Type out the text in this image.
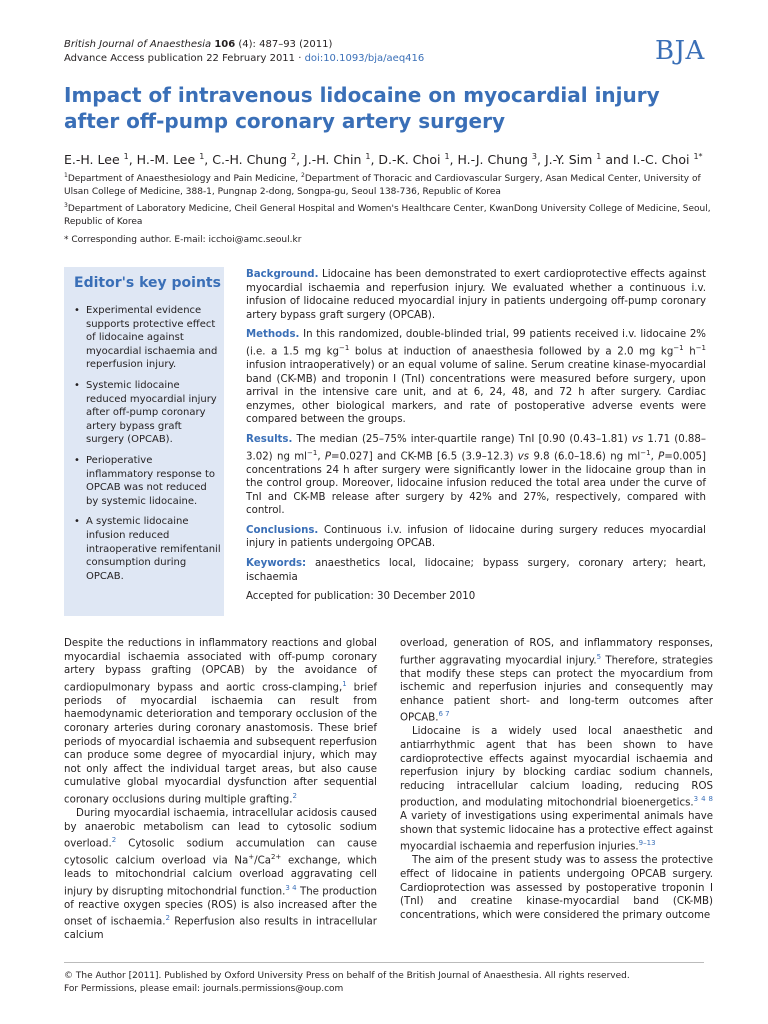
British Journal of Anaesthesia 106 (4): 487–93 (2011)
Advance Access publication 22 February 2011 · doi:10.1093/bja/aeq416	BJA
Impact of intravenous lidocaine on myocardial injury after off-pump coronary artery surgery
E.-H. Lee $^1$, H.-M. Lee $^1$, C.-H. Chung $^2$, J.-H. Chin $^1$, D.-K. Choi $^1$, H.-J. Chung $^3$, J.-Y. Sim $^1$ and I.-C. Choi $^{1*}$

$^1$Department of Anaesthesiology and Pain Medicine, $^2$Department of Thoracic and Cardiovascular Surgery, Asan Medical Center, University of Ulsan College of Medicine, 388-1, Pungnap 2-dong, Songpa-gu, Seoul 138-736, Republic of Korea

$^3$Department of Laboratory Medicine, Cheil General Hospital and Women's Healthcare Center, KwanDong University College of Medicine, Seoul, Republic of Korea

* Corresponding author. E-mail: icchoi@amc.seoul.kr
Editor's key points
• Experimental evidence supports protective effect of lidocaine against myocardial ischaemia and reperfusion injury.
• Systemic lidocaine reduced myocardial injury after off-pump coronary artery bypass graft surgery (OPCAB).
• Perioperative inflammatory response to OPCAB was not reduced by systemic lidocaine.
• A systemic lidocaine infusion reduced intraoperative remifentanil consumption during OPCAB.

Background. Lidocaine has been demonstrated to exert cardioprotective effects against myocardial ischaemia and reperfusion injury. We evaluated whether a continuous i.v. infusion of lidocaine reduced myocardial injury in patients undergoing off-pump coronary artery bypass graft surgery (OPCAB).

Methods. In this randomized, double-blinded trial, 99 patients received i.v. lidocaine 2% (i.e. a 1.5 mg $kg^{-1}$ bolus at induction of anaesthesia followed by a 2.0 mg $kg^{-1}$ $h^{-1}$ infusion intraoperatively) or an equal volume of saline. Serum creatine kinase-myocardial band (CK-MB) and troponin I (TnI) concentrations were measured before surgery, upon arrival in the intensive care unit, and at 6, 24, 48, and 72 h after surgery. Cardiac enzymes, other biological markers, and rate of postoperative adverse events were compared between the groups.

Results. The median (25–75% inter-quartile range) TnI [0.90 (0.43–1.81) vs 1.71 (0.88–3.02) ng $ml^{-1}$, P=0.027] and CK-MB [6.5 (3.9–12.3) vs 9.8 (6.0–18.6) ng $ml^{-1}$, P=0.005] concentrations 24 h after surgery were significantly lower in the lidocaine group than in the control group. Moreover, lidocaine infusion reduced the total area under the curve of TnI and CK-MB release after surgery by 42% and 27%, respectively, compared with control.

Conclusions. Continuous i.v. infusion of lidocaine during surgery reduces myocardial injury in patients undergoing OPCAB.

Keywords: anaesthetics local, lidocaine; bypass surgery, coronary artery; heart, ischaemia

Accepted for publication: 30 December 2010

Despite the reductions in inflammatory reactions and global myocardial ischaemia associated with off-pump coronary artery bypass grafting (OPCAB) by the avoidance of cardiopulmonary bypass and aortic cross-clamping,$^1$ brief periods of myocardial ischaemia can result from haemodynamic deterioration and temporary occlusion of the coronary arteries during coronary anastomosis. These brief periods of myocardial ischaemia and subsequent reperfusion can produce some degree of myocardial injury, which may not only affect the individual target areas, but also cause cumulative global myocardial dysfunction after sequential coronary occlusions during multiple grafting.$^2$

During myocardial ischaemia, intracellular acidosis caused by anaerobic metabolism can lead to cytosolic sodium overload.$^2$ Cytosolic sodium accumulation can cause cytosolic calcium overload via $Na^+/Ca^{2+}$ exchange, which leads to mitochondrial calcium overload aggravating cell injury by disrupting mitochondrial function.$^{3 4}$ The production of reactive oxygen species (ROS) is also increased after the onset of ischaemia.$^2$ Reperfusion also results in intracellular calcium

overload, generation of ROS, and inflammatory responses, further aggravating myocardial injury.$^5$ Therefore, strategies that modify these steps can protect the myocardium from ischemic and reperfusion injuries and consequently may enhance patient short- and long-term outcomes after OPCAB.$^{6 7}$

Lidocaine is a widely used local anaesthetic and antiarrhythmic agent that has been shown to have cardioprotective effects against myocardial ischaemia and reperfusion injury by blocking cardiac sodium channels, reducing intracellular calcium loading, reducing ROS production, and modulating mitochondrial bioenergetics.$^{3 4 8}$ A variety of investigations using experimental animals have shown that systemic lidocaine has a protective effect against myocardial ischaemia and reperfusion injuries.$^{9-13}$

The aim of the present study was to assess the protective effect of lidocaine in patients undergoing OPCAB surgery. Cardioprotection was assessed by postoperative troponin I (TnI) and creatine kinase-myocardial band (CK-MB) concentrations, which were considered the primary outcome

© The Author [2011]. Published by Oxford University Press on behalf of the British Journal of Anaesthesia. All rights reserved.
For Permissions, please email: journals.permissions@oup.com
